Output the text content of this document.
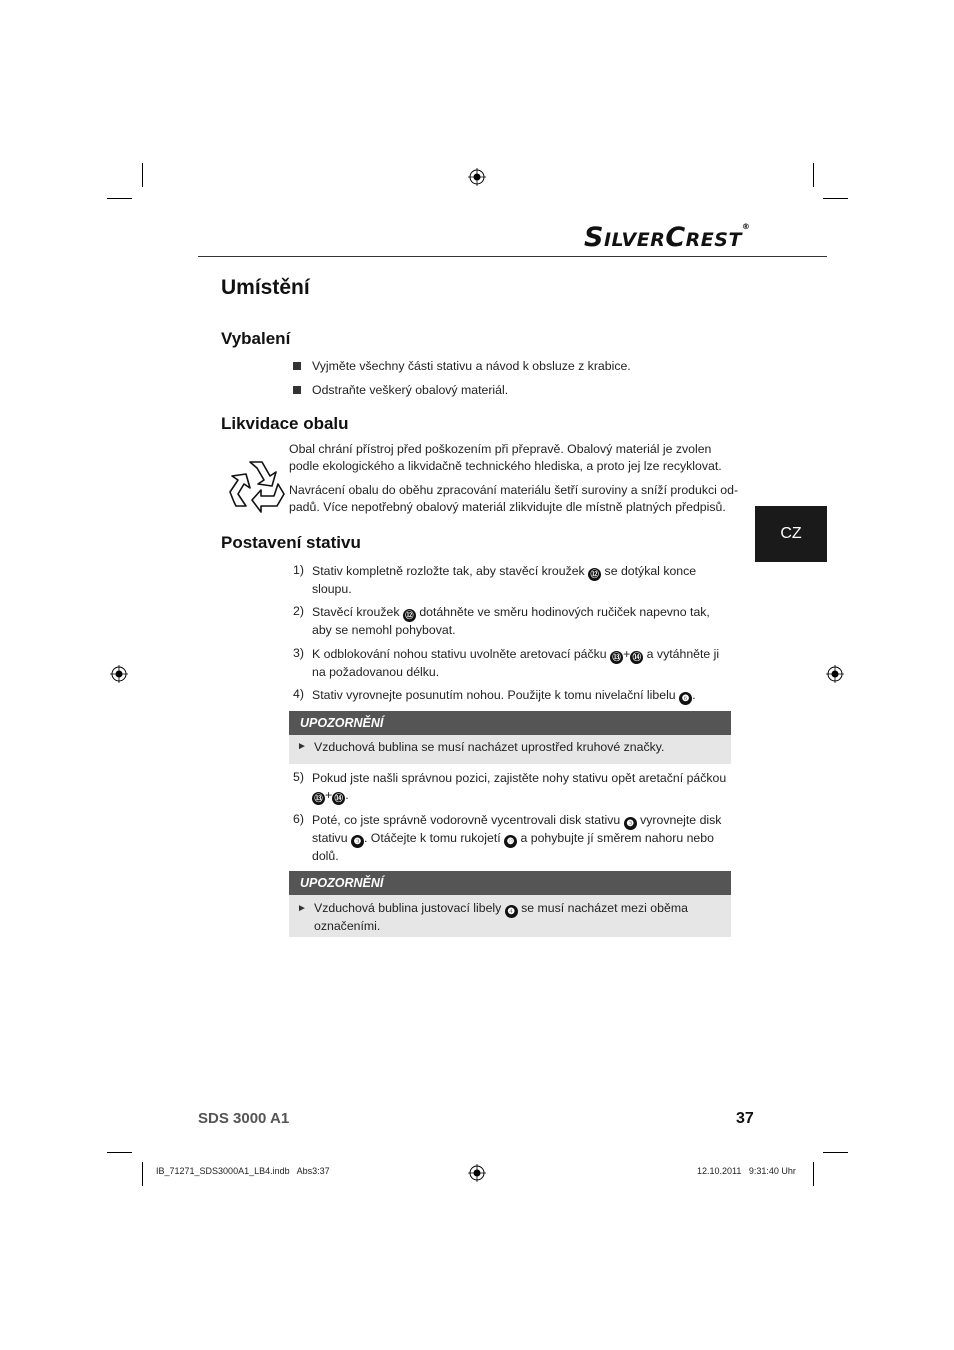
SILVERCREST®
Umístění
Vybalení
Vyjměte všechny části stativu a návod k obsluze z krabice.
Odstraňte veškerý obalový materiál.
Likvidace obalu
Obal chrání přístroj před poškozením při přepravě. Obalový materiál je zvolen
podle ekologického a likvidačně technického hlediska, a proto jej lze recyklovat.
Navrácení obalu do oběhu zpracování materiálu šetří suroviny a sníží produkci od-
padů. Více nepotřebný obalový materiál zlikvidujte dle místně platných předpisů.
CZ
Postavení stativu
1) Stativ kompletně rozložte tak, aby stavěcí kroužek ⑫ se dotýkal konce sloupu.
2) Stavěcí kroužek ⑫ dotáhněte ve směru hodinových ručiček napevno tak, aby se nemohl pohybovat.
3) K odblokování nohou stativu uvolněte aretovací páčku ⑬ + ⑭ a vytáhněte ji na požadovanou délku.
4) Stativ vyrovnejte posunutím nohou. Použijte k tomu nivelační libelu ❻ .
UPOZORNĚNÍ
► Vzduchová bublina se musí nacházet uprostřed kruhové značky.
5) Pokud jste našli správnou pozici, zajistěte nohy stativu opět aretační páčkou ⑬ + ⑭ .
6) Poté, co jste správně vodorovně vycentrovali disk stativu ❸ vyrovnejte disk stativu ❸ . Otáčejte k tomu rukojetí ❿ a pohybujte jí směrem nahoru nebo dolů.
UPOZORNĚNÍ
► Vzduchová bublina justovací libely ❹ se musí nacházet mezi oběma označeními.
SDS 3000 A1	37
IB_71271_SDS3000A1_LB4.indb   Abs3:37	12.10.2011   9:31:40 Uhr
